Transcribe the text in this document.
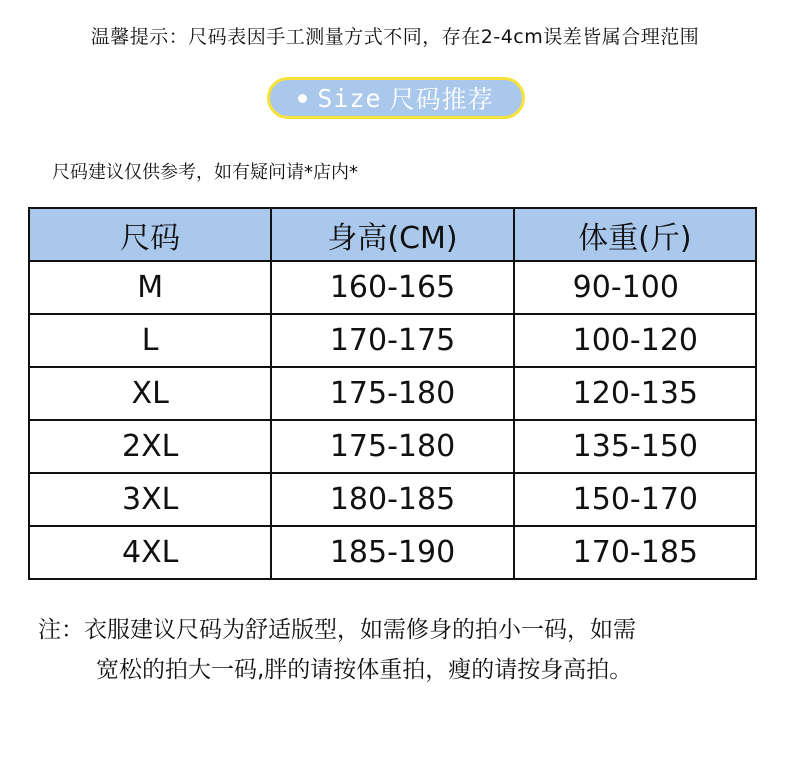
温馨提示：尺码表因手工测量方式不同，存在2-4cm误差皆属合理范围
Size 尺码推荐
尺码建议仅供参考，如有疑问请*店内*
尺码	身高(CM)	体重(斤)
M	160-165	90-100
L	170-175	100-120
XL	175-180	120-135
2XL	175-180	135-150
3XL	180-185	150-170
4XL	185-190	170-185
注：衣服建议尺码为舒适版型，如需修身的拍小一码，如需
宽松的拍大一码,胖的请按体重拍，瘦的请按身高拍。
